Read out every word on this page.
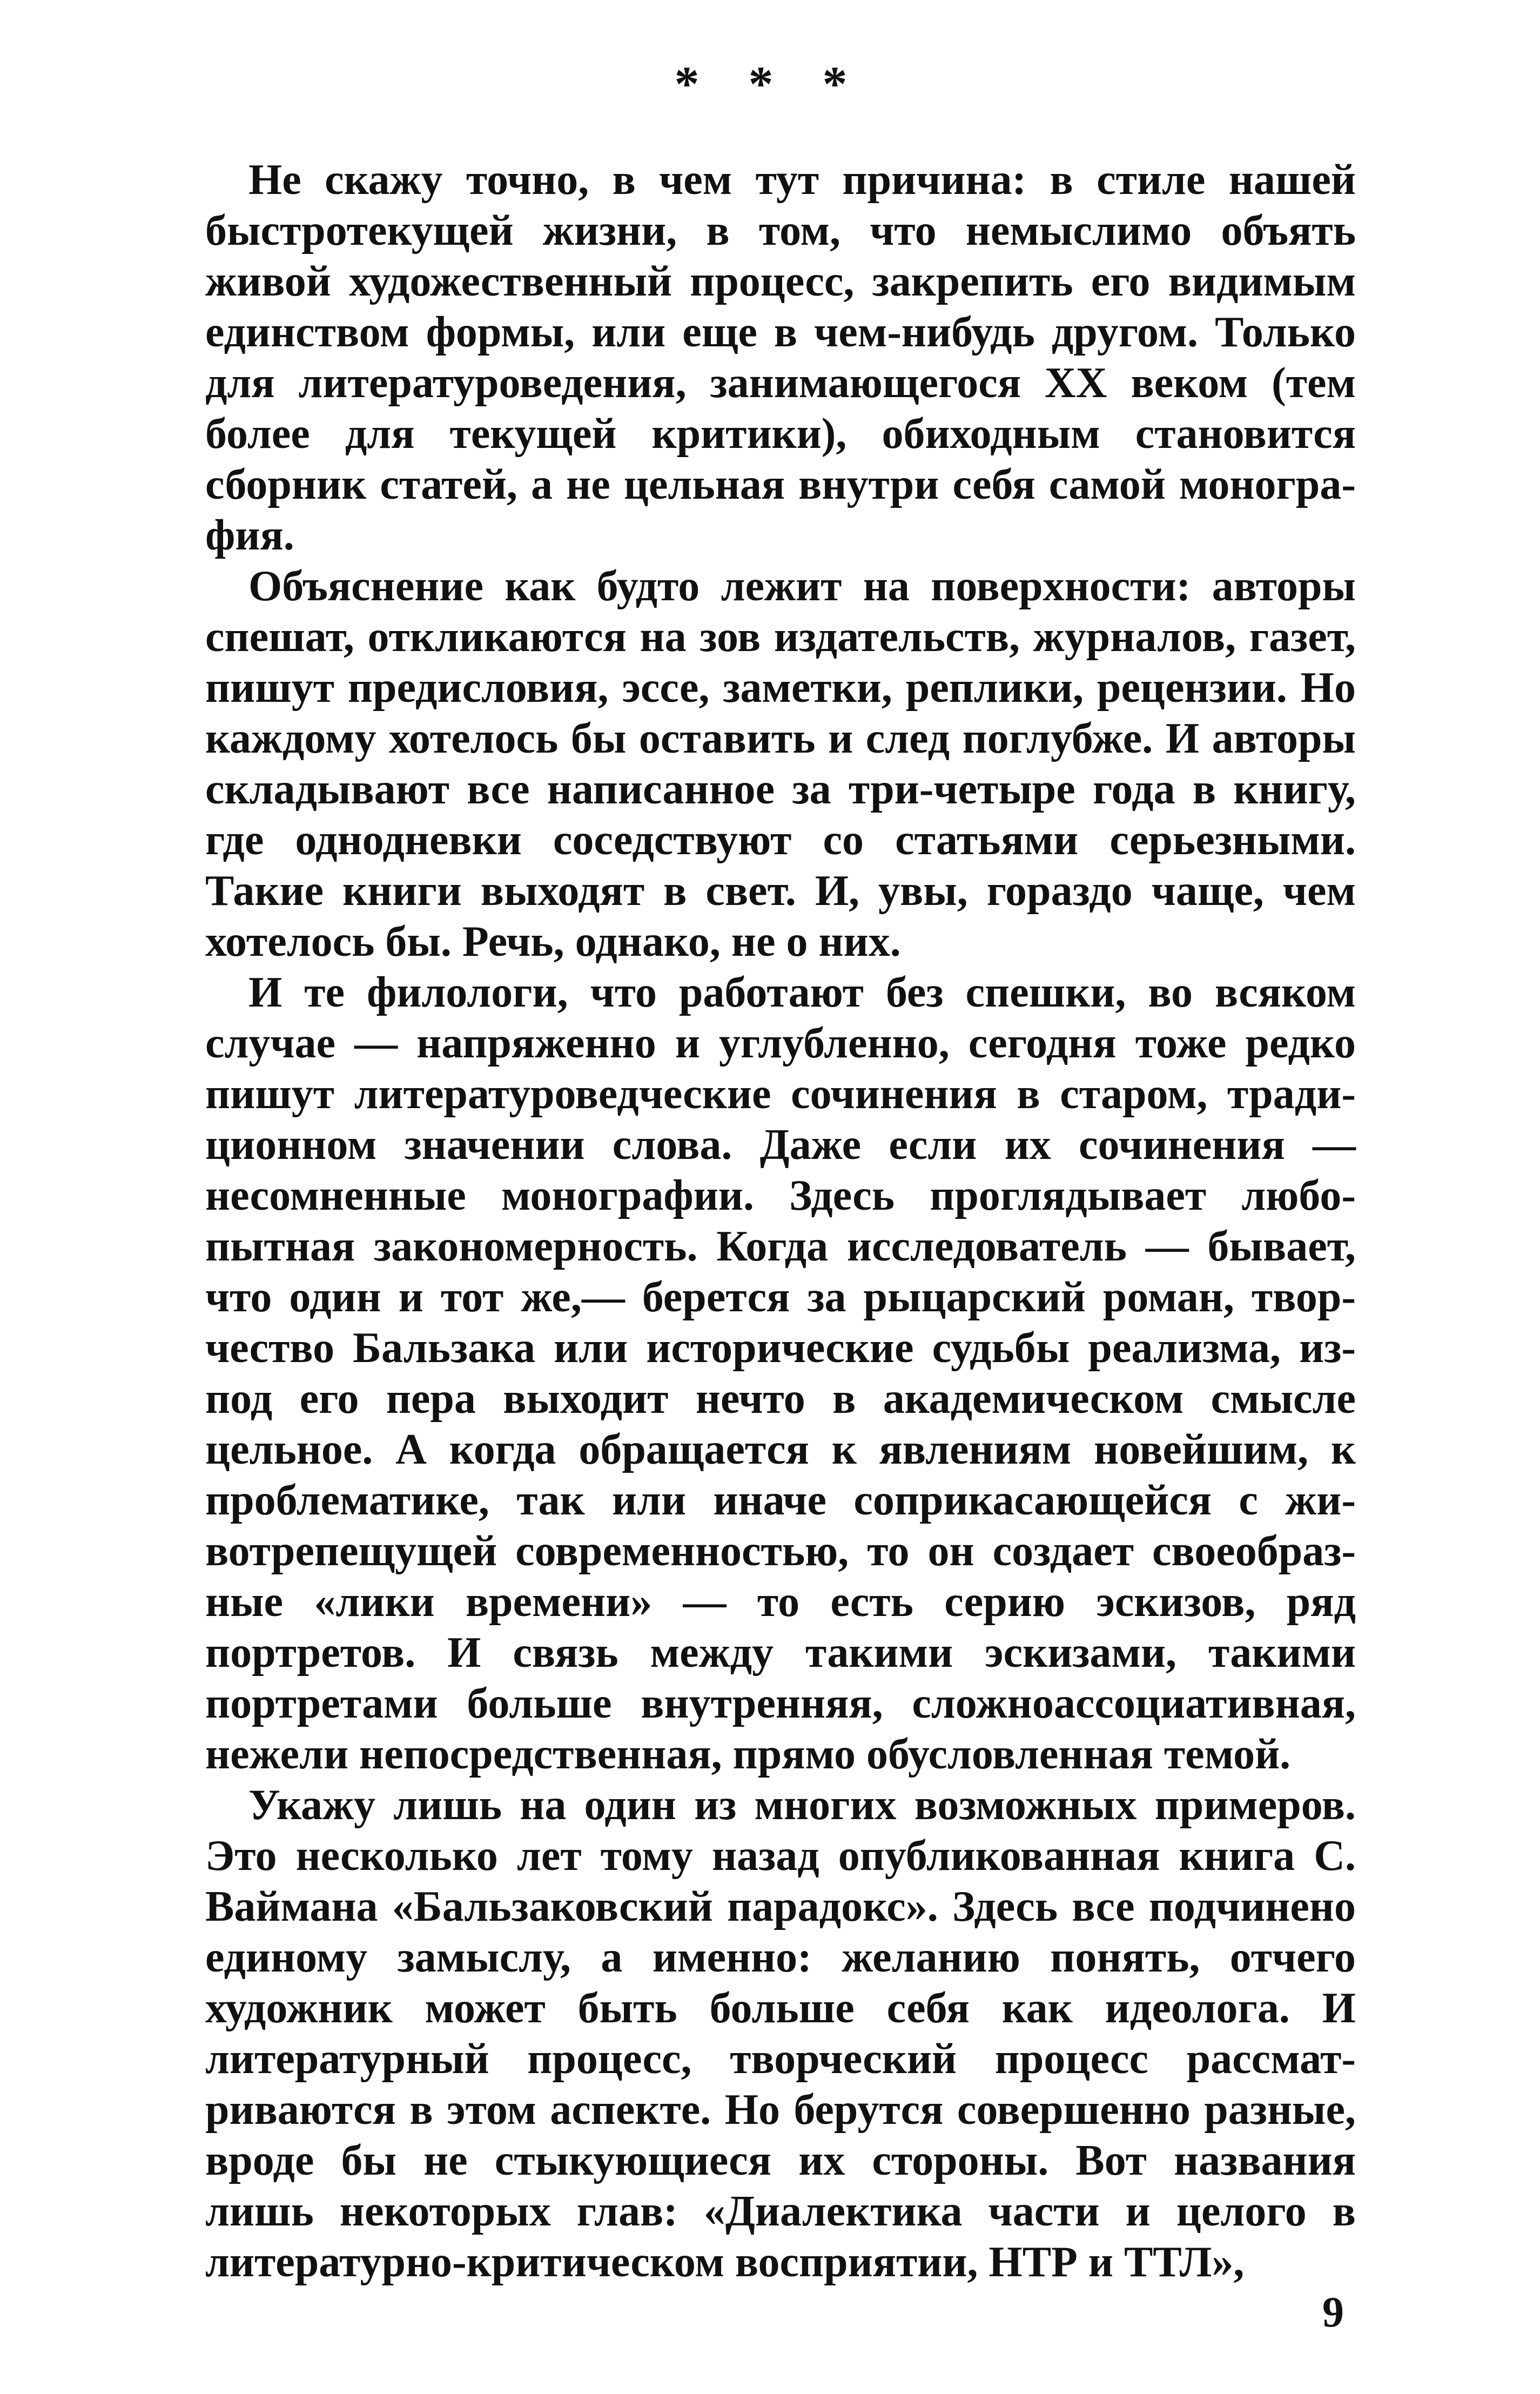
* * *

Не скажу точно, в чем тут причина: в стиле нашей быстротекущей жизни, в том, что немыслимо объять живой художественный процесс, закрепить его видимым единством формы, или еще в чем-нибудь другом. Только для литературоведения, занимающегося XX веком (тем более для текущей критики), обиходным становится сборник статей, а не цельная внутри себя самой монография.

Объяснение как будто лежит на поверхности: авторы спешат, откликаются на зов издательств, журналов, газет, пишут предисловия, эссе, заметки, реплики, рецензии. Но каждому хотелось бы оставить и след поглубже. И авторы складывают все написанное за три-четыре года в книгу, где однодневки соседствуют со статьями серьезными. Такие книги выходят в свет. И, увы, гораздо чаще, чем хотелось бы. Речь, однако, не о них.

И те филологи, что работают без спешки, во всяком случае — напряженно и углубленно, сегодня тоже редко пишут литературоведческие сочинения в старом, традиционном значении слова. Даже если их сочинения — несомненные монографии. Здесь проглядывает любопытная закономерность. Когда исследователь — бывает, что один и тот же,— берется за рыцарский роман, творчество Бальзака или исторические судьбы реализма, из-под его пера выходит нечто в академическом смысле цельное. А когда обращается к явлениям новейшим, к проблематике, так или иначе соприкасающейся с животрепещущей современностью, то он создает своеобразные «лики времени» — то есть серию эскизов, ряд портретов. И связь между такими эскизами, такими портретами больше внутренняя, сложноассоциативная, нежели непосредственная, прямо обусловленная темой.

Укажу лишь на один из многих возможных примеров. Это несколько лет тому назад опубликованная книга С. Ваймана «Бальзаковский парадокс». Здесь все подчинено единому замыслу, а именно: желанию понять, отчего художник может быть больше себя как идеолога. И литературный процесс, творческий процесс рассматриваются в этом аспекте. Но берутся совершенно разные, вроде бы не стыкующиеся их стороны. Вот названия лишь некоторых глав: «Диалектика части и целого в литературно-критическом восприятии, НТР и ТТЛ»,

9
